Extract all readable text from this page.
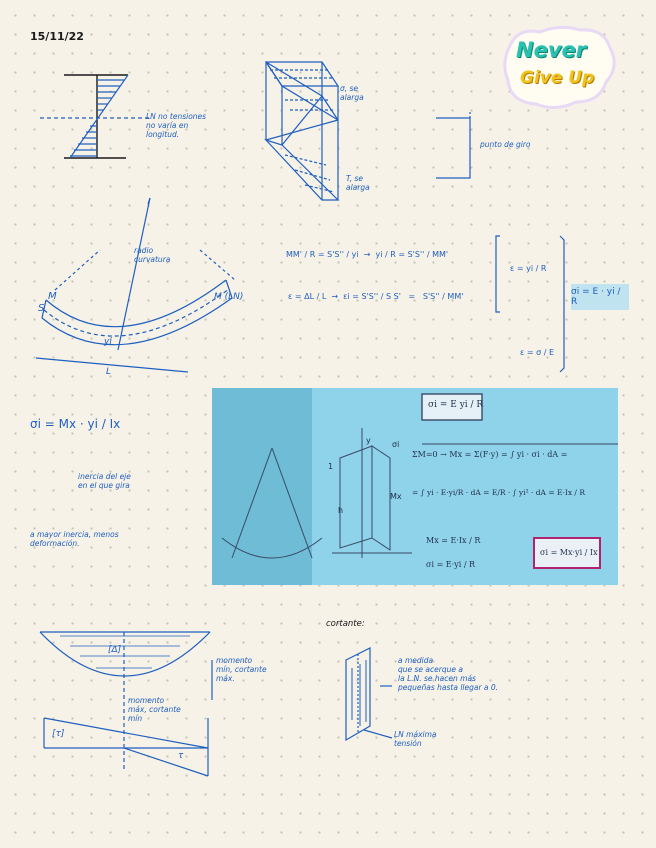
15/11/22
Never
Give Up
LN no tensiones
no varía en
longitud.
σ, se
alarga
T, se
alarga
punto de giro
radio
curvatura
S
M	M (LN)
yi
L
MM' / R = S'S'' / yi  →  yi / R = S'S'' / MM'
ε = ΔL / L  →  εi = S'S'' / S S'   =   S'S'' / MM'
ε = yi / R
ε = σ / E
σi = E · yi / R
σi = Mx · yi / Ix
inercia del eje
en el que gira
a mayor inercia, menos
deformación.
σi = E yi / R
ΣM=0 → Mx = Σ(F·y) = ∫ yi · σi · dA =
= ∫ yi · E·yi/R · dA = E/R · ∫ yi² · dA = E·Ix / R
Mx = E·Ix / R
σi = E·yi / R
σi = Mx·yi / Ix
y
h
Mx
σi
1
[Δ]
[τ]
τ
momento
mín, cortante
máx.
momento
máx, cortante
mín
cortante:
a medida
que se acerque a
la L.N. se hacen más
pequeñas hasta llegar a 0.
LN máxima
tensión
